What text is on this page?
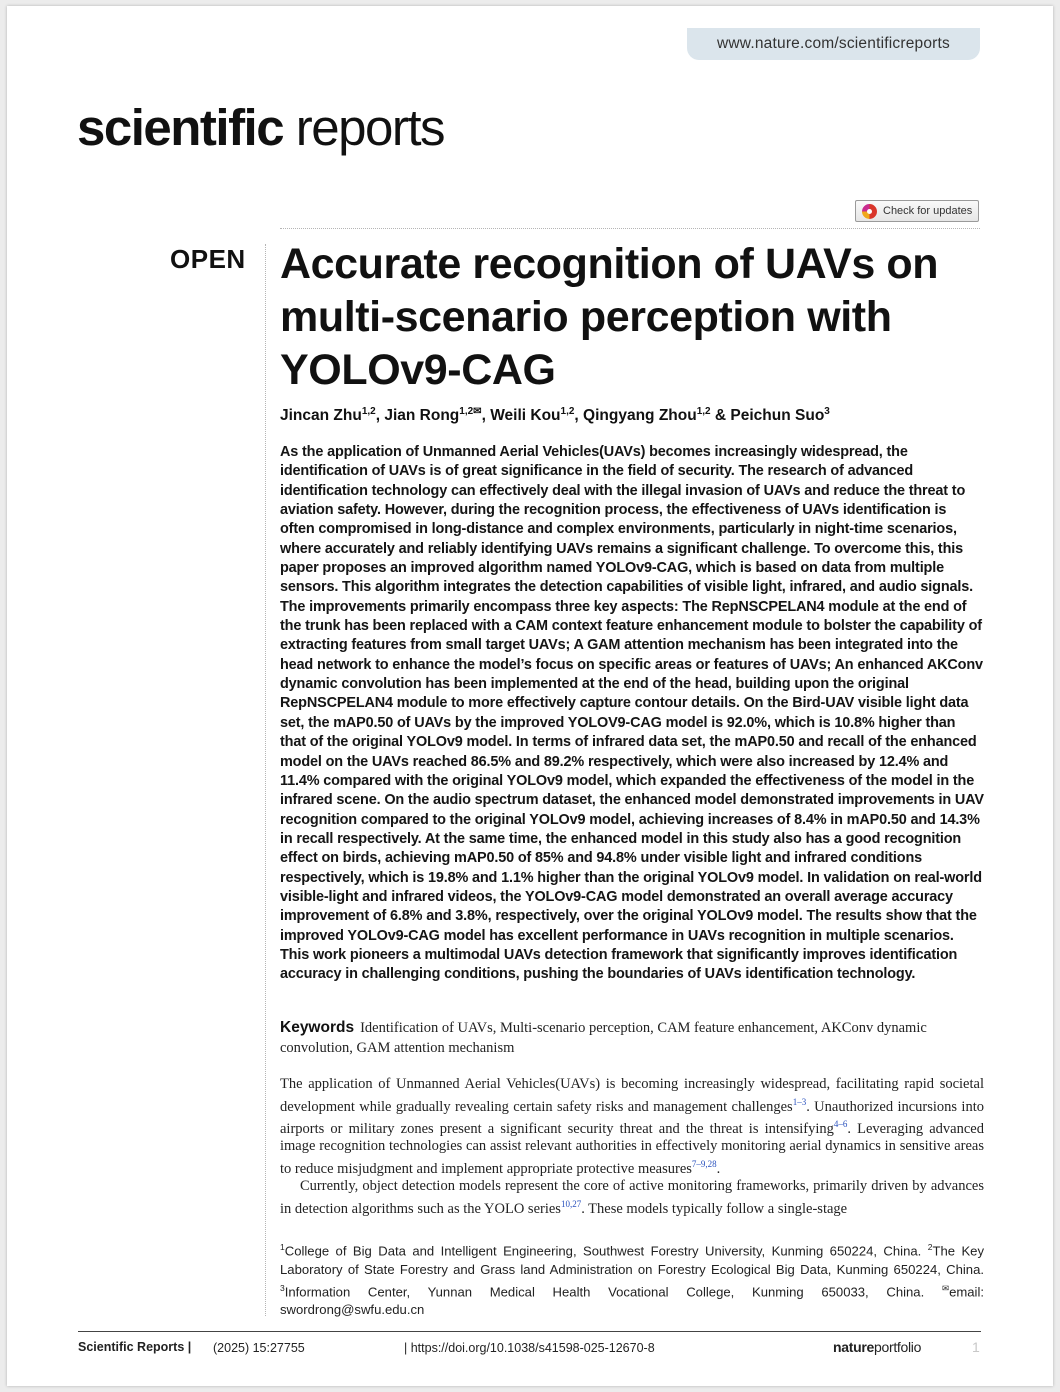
www.nature.com/scientificreports
scientific reports
Check for updates
OPEN Accurate recognition of UAVs on multi-scenario perception with YOLOv9-CAG
Jincan Zhu$^{1,2}$, Jian Rong$^{1,2✉}$, Weili Kou$^{1,2}$, Qingyang Zhou$^{1,2}$ & Peichun Suo$^3$

As the application of Unmanned Aerial Vehicles(UAVs) becomes increasingly widespread, the identification of UAVs is of great significance in the field of security. The research of advanced identification technology can effectively deal with the illegal invasion of UAVs and reduce the threat to aviation safety. However, during the recognition process, the effectiveness of UAVs identification is often compromised in long-distance and complex environments, particularly in night-time scenarios, where accurately and reliably identifying UAVs remains a significant challenge. To overcome this, this paper proposes an improved algorithm named YOLOv9-CAG, which is based on data from multiple sensors. This algorithm integrates the detection capabilities of visible light, infrared, and audio signals. The improvements primarily encompass three key aspects: The RepNSCPELAN4 module at the end of the trunk has been replaced with a CAM context feature enhancement module to bolster the capability of extracting features from small target UAVs; A GAM attention mechanism has been integrated into the head network to enhance the model’s focus on specific areas or features of UAVs; An enhanced AKConv dynamic convolution has been implemented at the end of the head, building upon the original RepNSCPELAN4 module to more effectively capture contour details. On the Bird-UAV visible light data set, the mAP0.50 of UAVs by the improved YOLOV9-CAG model is 92.0%, which is 10.8% higher than that of the original YOLOv9 model. In terms of infrared data set, the mAP0.50 and recall of the enhanced model on the UAVs reached 86.5% and 89.2% respectively, which were also increased by 12.4% and 11.4% compared with the original YOLOv9 model, which expanded the effectiveness of the model in the infrared scene. On the audio spectrum dataset, the enhanced model demonstrated improvements in UAV recognition compared to the original YOLOv9 model, achieving increases of 8.4% in mAP0.50 and 14.3% in recall respectively. At the same time, the enhanced model in this study also has a good recognition effect on birds, achieving mAP0.50 of 85% and 94.8% under visible light and infrared conditions respectively, which is 19.8% and 1.1% higher than the original YOLOv9 model. In validation on real-world visible-light and infrared videos, the YOLOv9-CAG model demonstrated an overall average accuracy improvement of 6.8% and 3.8%, respectively, over the original YOLOv9 model. The results show that the improved YOLOv9-CAG model has excellent performance in UAVs recognition in multiple scenarios. This work pioneers a multimodal UAVs detection framework that significantly improves identification accuracy in challenging conditions, pushing the boundaries of UAVs identification technology.

Keywords Identification of UAVs, Multi-scenario perception, CAM feature enhancement, AKConv dynamic convolution, GAM attention mechanism

The application of Unmanned Aerial Vehicles(UAVs) is becoming increasingly widespread, facilitating rapid societal development while gradually revealing certain safety risks and management challenges$^{1-3}$. Unauthorized incursions into airports or military zones present a significant security threat and the threat is intensifying$^{4-6}$. Leveraging advanced image recognition technologies can assist relevant authorities in effectively monitoring aerial dynamics in sensitive areas to reduce misjudgment and implement appropriate protective measures$^{7-9,28}$.

Currently, object detection models represent the core of active monitoring frameworks, primarily driven by advances in detection algorithms such as the YOLO series$^{10,27}$. These models typically follow a single-stage

$^1$College of Big Data and Intelligent Engineering, Southwest Forestry University, Kunming 650224, China. $^2$The Key Laboratory of State Forestry and Grass land Administration on Forestry Ecological Big Data, Kunming 650224, China. $^3$Information Center, Yunnan Medical Health Vocational College, Kunming 650033, China. ✉email: swordrong@swfu.edu.cn

Scientific Reports | (2025) 15:27755	| https://doi.org/10.1038/s41598-025-12670-8	natureportfolio	1
